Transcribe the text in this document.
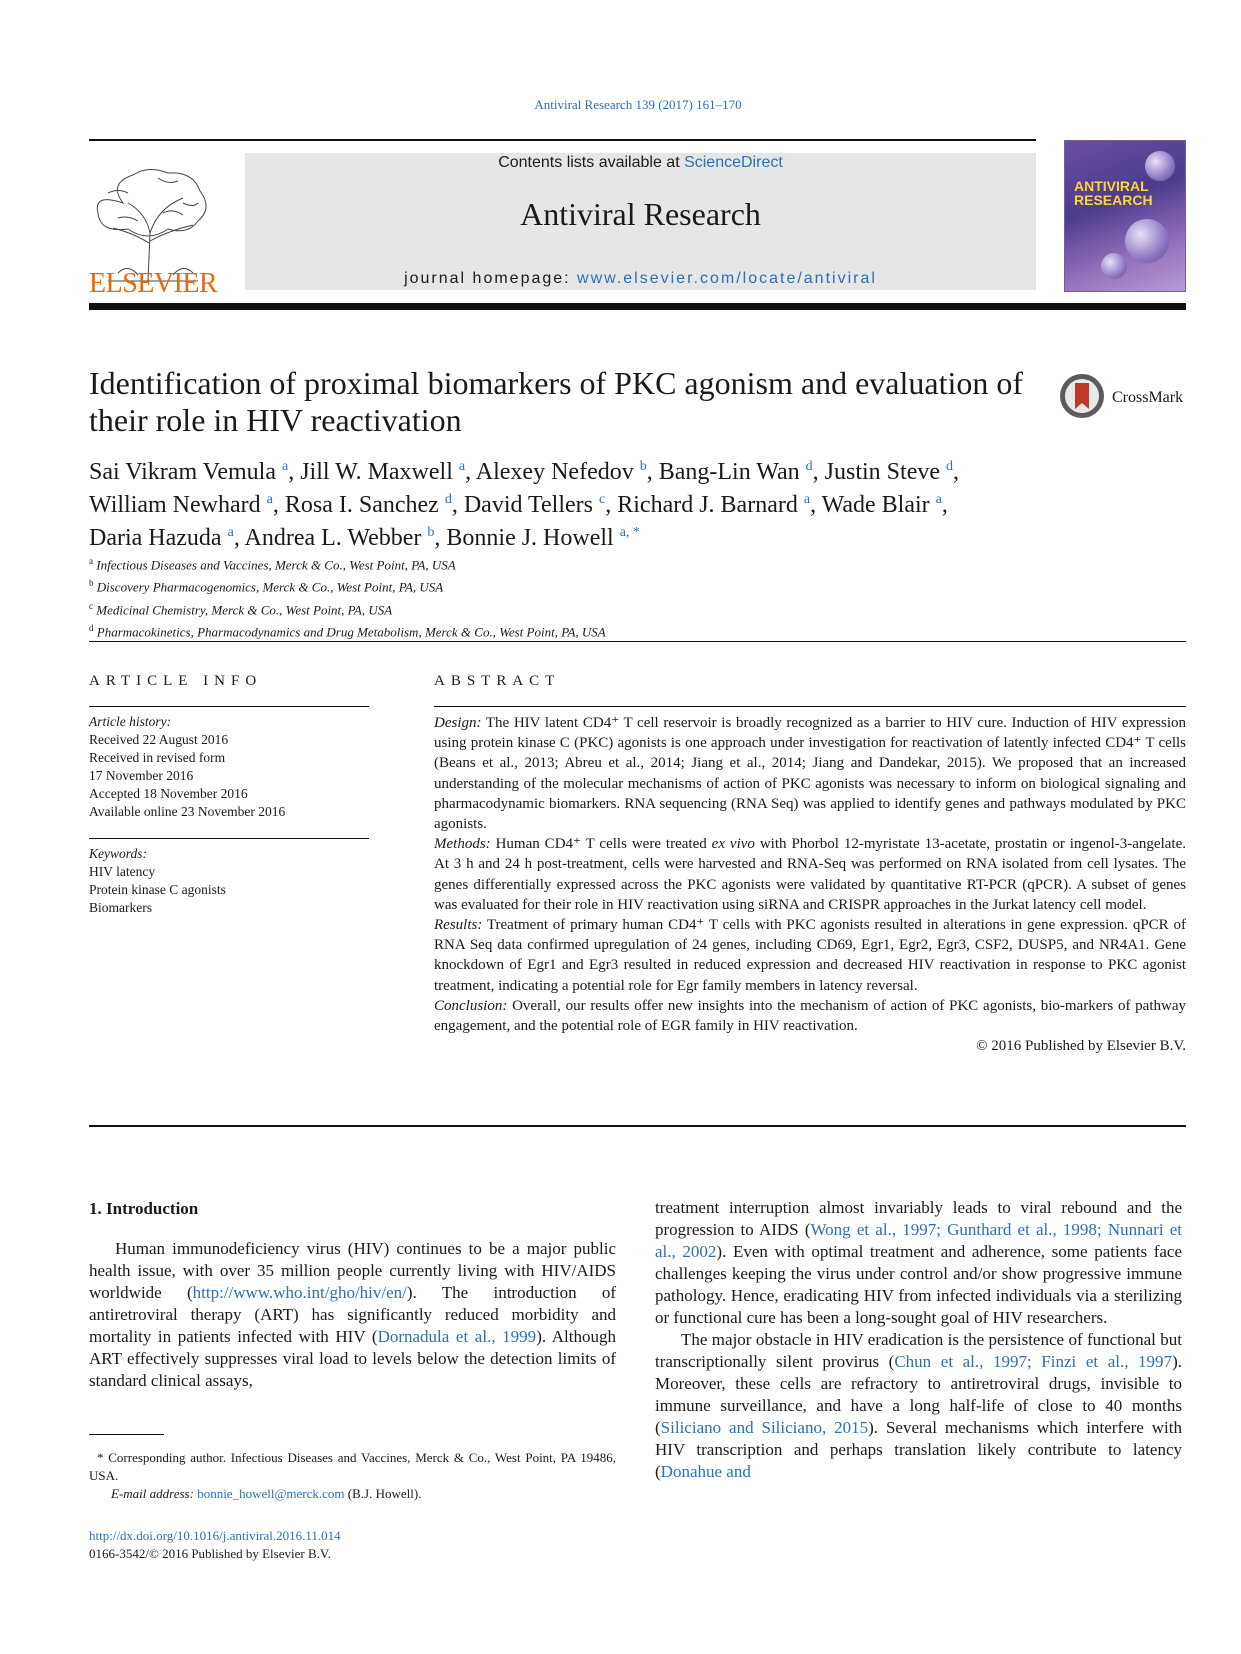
Antiviral Research 139 (2017) 161–170
ELSEVIER
Contents lists available at ScienceDirect
Antiviral Research
journal homepage: www.elsevier.com/locate/antiviral
ANTIVIRAL
RESEARCH
Identification of proximal biomarkers of PKC agonism and evaluation of their role in HIV reactivation
CrossMark
Sai Vikram Vemula $^a$, Jill W. Maxwell $^a$, Alexey Nefedov $^b$, Bang-Lin Wan $^d$, Justin Steve $^d$,
William Newhard $^a$, Rosa I. Sanchez $^d$, David Tellers $^c$, Richard J. Barnard $^a$, Wade Blair $^a$,
Daria Hazuda $^a$, Andrea L. Webber $^b$, Bonnie J. Howell $^{a, *}$
$^a$ Infectious Diseases and Vaccines, Merck & Co., West Point, PA, USA
$^b$ Discovery Pharmacogenomics, Merck & Co., West Point, PA, USA
$^c$ Medicinal Chemistry, Merck & Co., West Point, PA, USA
$^d$ Pharmacokinetics, Pharmacodynamics and Drug Metabolism, Merck & Co., West Point, PA, USA
ARTICLE INFO	ABSTRACT
Article history:
Received 22 August 2016
Received in revised form
17 November 2016
Accepted 18 November 2016
Available online 23 November 2016
Keywords:
HIV latency
Protein kinase C agonists
Biomarkers
Design: The HIV latent CD4⁺ T cell reservoir is broadly recognized as a barrier to HIV cure. Induction of HIV expression using protein kinase C (PKC) agonists is one approach under investigation for reactivation of latently infected CD4⁺ T cells (Beans et al., 2013; Abreu et al., 2014; Jiang et al., 2014; Jiang and Dandekar, 2015). We proposed that an increased understanding of the molecular mechanisms of action of PKC agonists was necessary to inform on biological signaling and pharmacodynamic biomarkers. RNA sequencing (RNA Seq) was applied to identify genes and pathways modulated by PKC agonists.
Methods: Human CD4⁺ T cells were treated ex vivo with Phorbol 12-myristate 13-acetate, prostatin or ingenol-3-angelate. At 3 h and 24 h post-treatment, cells were harvested and RNA-Seq was performed on RNA isolated from cell lysates. The genes differentially expressed across the PKC agonists were validated by quantitative RT-PCR (qPCR). A subset of genes was evaluated for their role in HIV reactivation using siRNA and CRISPR approaches in the Jurkat latency cell model.
Results: Treatment of primary human CD4⁺ T cells with PKC agonists resulted in alterations in gene expression. qPCR of RNA Seq data confirmed upregulation of 24 genes, including CD69, Egr1, Egr2, Egr3, CSF2, DUSP5, and NR4A1. Gene knockdown of Egr1 and Egr3 resulted in reduced expression and decreased HIV reactivation in response to PKC agonist treatment, indicating a potential role for Egr family members in latency reversal.
Conclusion: Overall, our results offer new insights into the mechanism of action of PKC agonists, bio-markers of pathway engagement, and the potential role of EGR family in HIV reactivation.
© 2016 Published by Elsevier B.V.
1. Introduction

Human immunodeficiency virus (HIV) continues to be a major public health issue, with over 35 million people currently living with HIV/AIDS worldwide (http://www.who.int/gho/hiv/en/). The introduction of antiretroviral therapy (ART) has significantly reduced morbidity and mortality in patients infected with HIV (Dornadula et al., 1999). Although ART effectively suppresses viral load to levels below the detection limits of standard clinical assays,

treatment interruption almost invariably leads to viral rebound and the progression to AIDS (Wong et al., 1997; Gunthard et al., 1998; Nunnari et al., 2002). Even with optimal treatment and adherence, some patients face challenges keeping the virus under control and/or show progressive immune pathology. Hence, eradicating HIV from infected individuals via a sterilizing or functional cure has been a long-sought goal of HIV researchers.

The major obstacle in HIV eradication is the persistence of functional but transcriptionally silent provirus (Chun et al., 1997; Finzi et al., 1997). Moreover, these cells are refractory to antiretroviral drugs, invisible to immune surveillance, and have a long half-life of close to 40 months (Siliciano and Siliciano, 2015). Several mechanisms which interfere with HIV transcription and perhaps translation likely contribute to latency (Donahue and

* Corresponding author. Infectious Diseases and Vaccines, Merck & Co., West Point, PA 19486, USA.
E-mail address: bonnie_howell@merck.com (B.J. Howell).
http://dx.doi.org/10.1016/j.antiviral.2016.11.014
0166-3542/© 2016 Published by Elsevier B.V.
